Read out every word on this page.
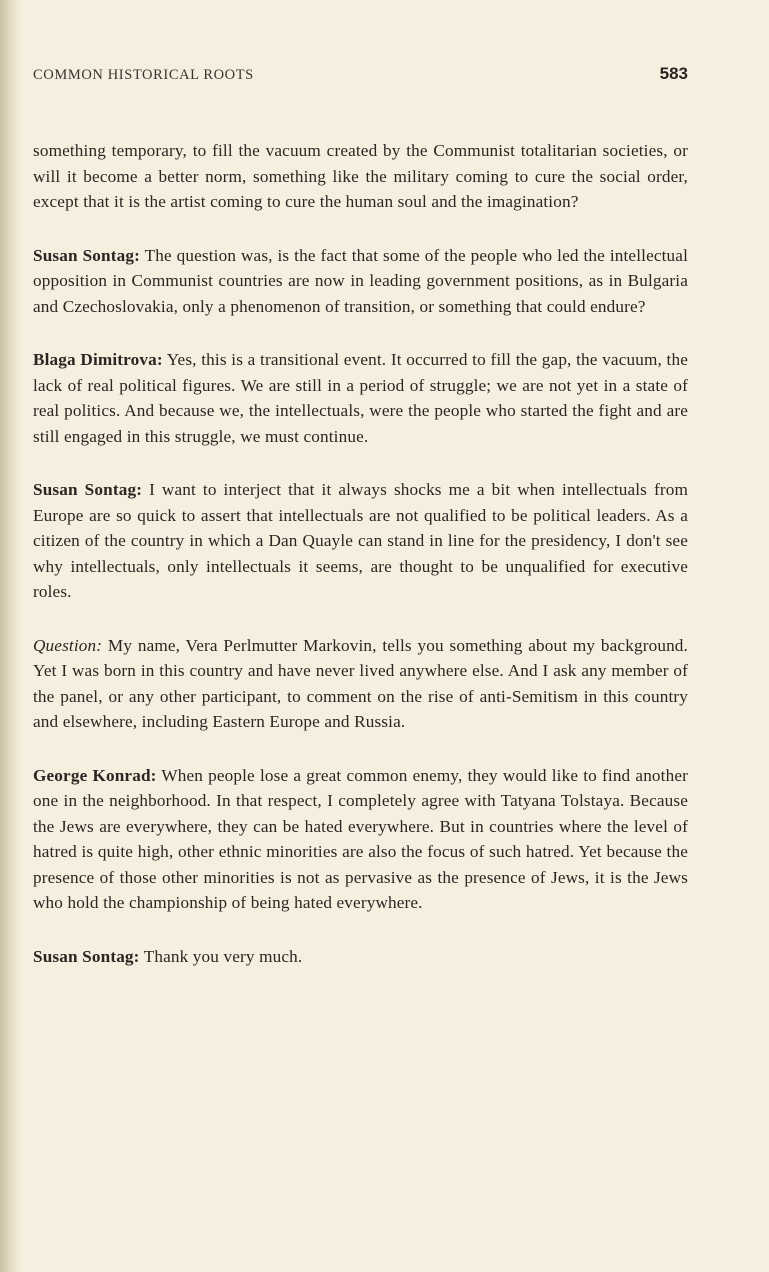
COMMON HISTORICAL ROOTS	583

something temporary, to fill the vacuum created by the Communist totalitarian societies, or will it become a better norm, something like the military coming to cure the social order, except that it is the artist coming to cure the human soul and the imagination?

Susan Sontag: The question was, is the fact that some of the people who led the intellectual opposition in Communist countries are now in leading government positions, as in Bulgaria and Czechoslovakia, only a phenomenon of transition, or something that could endure?

Blaga Dimitrova: Yes, this is a transitional event. It occurred to fill the gap, the vacuum, the lack of real political figures. We are still in a period of struggle; we are not yet in a state of real politics. And because we, the intellectuals, were the people who started the fight and are still engaged in this struggle, we must continue.

Susan Sontag: I want to interject that it always shocks me a bit when intellectuals from Europe are so quick to assert that intellectuals are not qualified to be political leaders. As a citizen of the country in which a Dan Quayle can stand in line for the presidency, I don't see why intellectuals, only intellectuals it seems, are thought to be unqualified for executive roles.

Question: My name, Vera Perlmutter Markovin, tells you something about my background. Yet I was born in this country and have never lived anywhere else. And I ask any member of the panel, or any other participant, to comment on the rise of anti-Semitism in this country and elsewhere, including Eastern Europe and Russia.

George Konrad: When people lose a great common enemy, they would like to find another one in the neighborhood. In that respect, I completely agree with Tatyana Tolstaya. Because the Jews are everywhere, they can be hated everywhere. But in countries where the level of hatred is quite high, other ethnic minorities are also the focus of such hatred. Yet because the presence of those other minorities is not as pervasive as the presence of Jews, it is the Jews who hold the championship of being hated everywhere.

Susan Sontag: Thank you very much.
